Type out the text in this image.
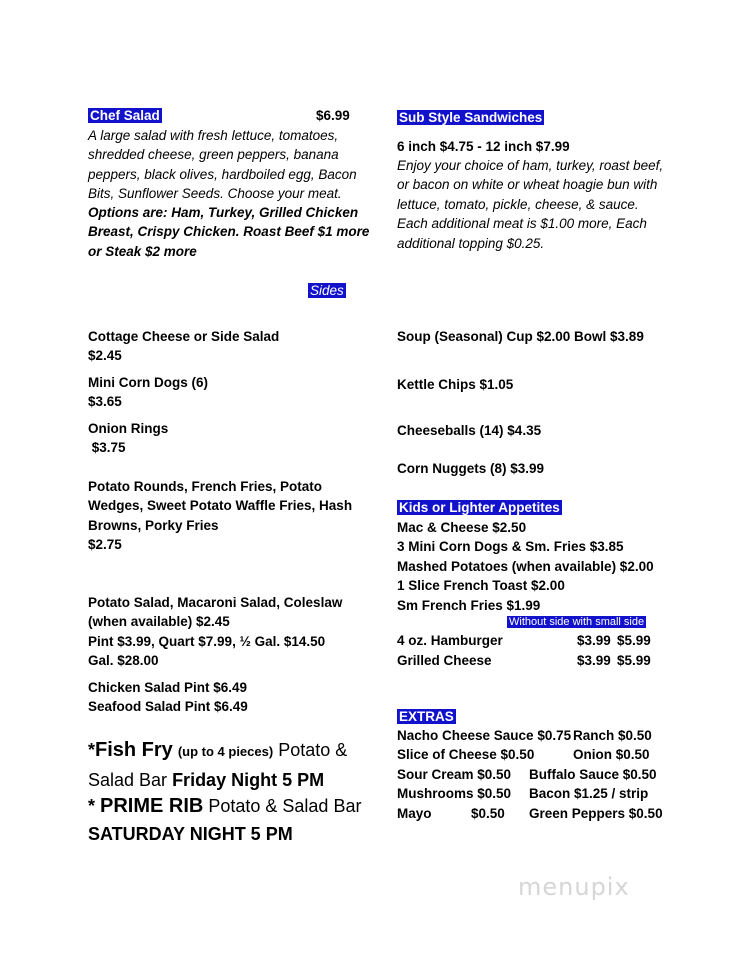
Chef Salad	$6.99
A large salad with fresh lettuce, tomatoes,
shredded cheese, green peppers, banana
peppers, black olives, hardboiled egg, Bacon
Bits, Sunflower Seeds. Choose your meat.
Options are: Ham, Turkey, Grilled Chicken
Breast, Crispy Chicken. Roast Beef $1 more
or Steak $2 more
Sub Style Sandwiches
6 inch $4.75 - 12 inch $7.99
Enjoy your choice of ham, turkey, roast beef,
or bacon on white or wheat hoagie bun with
lettuce, tomato, pickle, cheese, & sauce.
Each additional meat is $1.00 more, Each
additional topping $0.25.
Sides
Cottage Cheese or Side Salad
$2.45
Mini Corn Dogs (6)
$3.65
Onion Rings
$3.75
Potato Rounds, French Fries, Potato
Wedges, Sweet Potato Waffle Fries, Hash
Browns, Porky Fries
$2.75
Potato Salad, Macaroni Salad, Coleslaw
(when available) $2.45
Pint $3.99, Quart $7.99, ½ Gal. $14.50
Gal. $28.00
Chicken Salad Pint $6.49
Seafood Salad Pint $6.49
*Fish Fry (up to 4 pieces) Potato &
Salad Bar Friday Night 5 PM
* PRIME RIB Potato & Salad Bar
SATURDAY NIGHT 5 PM
Soup (Seasonal) Cup $2.00 Bowl $3.89
Kettle Chips $1.05
Cheeseballs (14) $4.35
Corn Nuggets (8) $3.99
Kids or Lighter Appetites
Mac & Cheese $2.50
3 Mini Corn Dogs & Sm. Fries $3.85
Mashed Potatoes (when available) $2.00
1 Slice French Toast $2.00
Sm French Fries $1.99
Without side with small side
4 oz. Hamburger	$3.99 $5.99
Grilled Cheese	$3.99 $5.99
EXTRAS
Nacho Cheese Sauce $0.75 Ranch $0.50
Slice of Cheese $0.50	Onion $0.50
Sour Cream $0.50 Buffalo Sauce $0.50
Mushrooms $0.50 Bacon $1.25 / strip
Mayo	$0.50 Green Peppers $0.50
menupix
